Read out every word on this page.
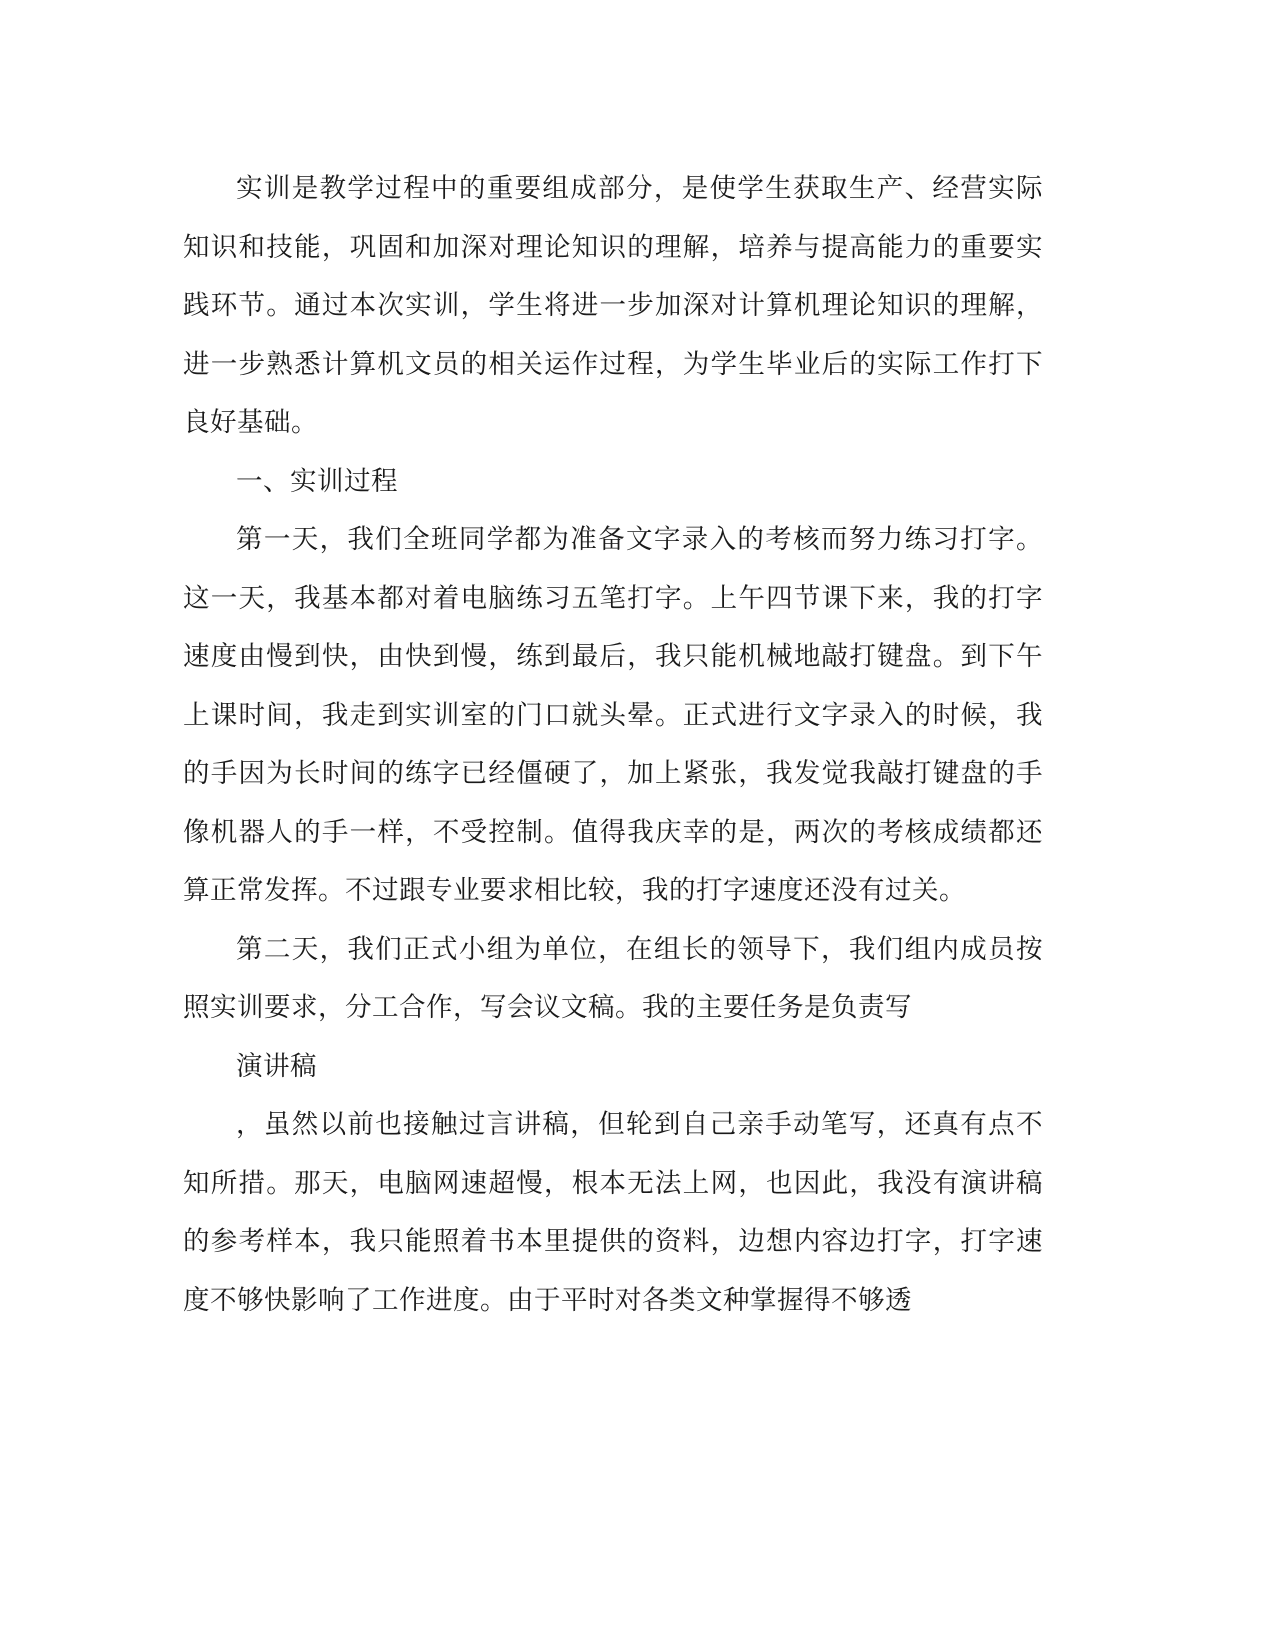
实训是教学过程中的重要组成部分，是使学生获取生产、经营实际知识和技能，巩固和加深对理论知识的理解，培养与提高能力的重要实践环节。通过本次实训，学生将进一步加深对计算机理论知识的理解，进一步熟悉计算机文员的相关运作过程，为学生毕业后的实际工作打下良好基础。

一、实训过程

第一天，我们全班同学都为准备文字录入的考核而努力练习打字。这一天，我基本都对着电脑练习五笔打字。上午四节课下来，我的打字速度由慢到快，由快到慢，练到最后，我只能机械地敲打键盘。到下午上课时间，我走到实训室的门口就头晕。正式进行文字录入的时候，我的手因为长时间的练字已经僵硬了，加上紧张，我发觉我敲打键盘的手像机器人的手一样，不受控制。值得我庆幸的是，两次的考核成绩都还算正常发挥。不过跟专业要求相比较，我的打字速度还没有过关。

第二天，我们正式小组为单位，在组长的领导下，我们组内成员按照实训要求，分工合作，写会议文稿。我的主要任务是负责写

演讲稿

，虽然以前也接触过言讲稿，但轮到自己亲手动笔写，还真有点不知所措。那天，电脑网速超慢，根本无法上网，也因此，我没有演讲稿的参考样本，我只能照着书本里提供的资料，边想内容边打字，打字速度不够快影响了工作进度。由于平时对各类文种掌握得不够透
